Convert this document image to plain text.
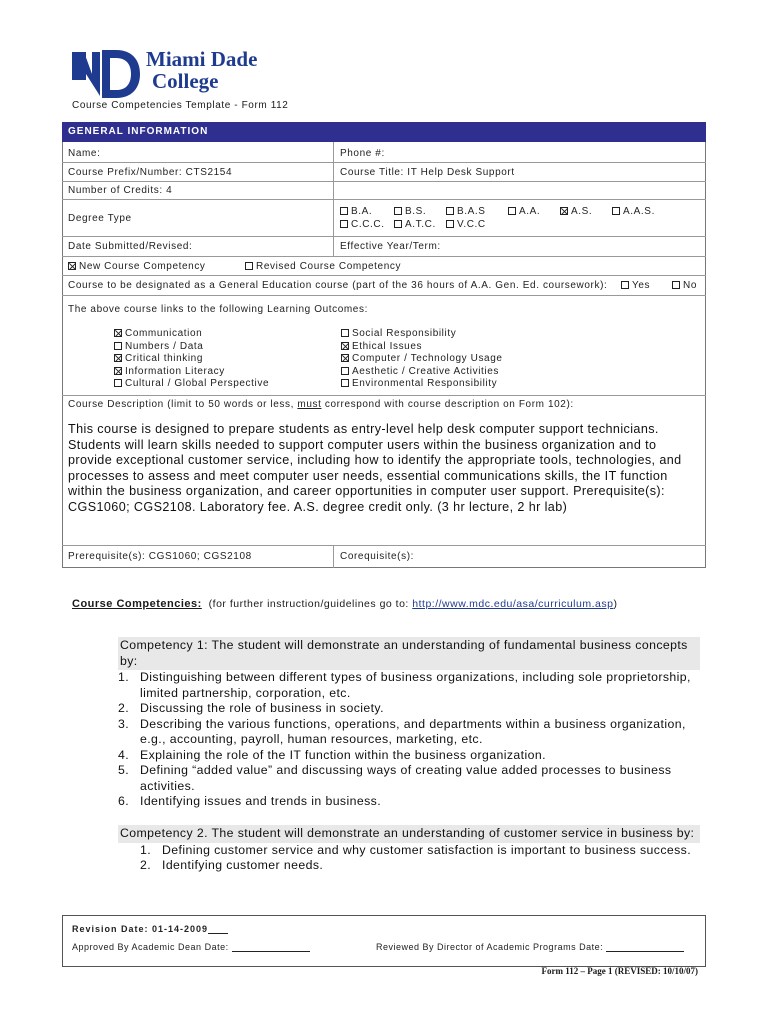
Miami Dade
College
Course Competencies Template - Form 112
GENERAL INFORMATION
Name:	Phone #:
Course Prefix/Number: CTS2154	Course Title: IT Help Desk Support
Number of Credits: 4
Degree Type
B.A.	B.S.	B.A.S	A.A.	A.S.	A.A.S.
C.C.C.	A.T.C.	V.C.C
Date Submitted/Revised:	Effective Year/Term:
New Course Competency	Revised Course Competency
Course to be designated as a General Education course (part of the 36 hours of A.A. Gen. Ed. coursework):	Yes	No
The above course links to the following Learning Outcomes:
Communication
Numbers / Data
Critical thinking
Information Literacy
Cultural / Global Perspective
Social Responsibility
Ethical Issues
Computer / Technology Usage
Aesthetic / Creative Activities
Environmental Responsibility
Course Description (limit to 50 words or less, must correspond with course description on Form 102):
This course is designed to prepare students as entry-level help desk computer support technicians. Students will learn skills needed to support computer users within the business organization and to provide exceptional customer service, including how to identify the appropriate tools, technologies, and processes to assess and meet computer user needs, essential communications skills, the IT function within the business organization, and career opportunities in computer user support. Prerequisite(s): CGS1060; CGS2108. Laboratory fee. A.S. degree credit only. (3 hr lecture, 2 hr lab)
Prerequisite(s): CGS1060; CGS2108	Corequisite(s):
Course Competencies: (for further instruction/guidelines go to: http://www.mdc.edu/asa/curriculum.asp)
Competency 1: The student will demonstrate an understanding of fundamental business concepts by:
1. Distinguishing between different types of business organizations, including sole proprietorship, limited partnership, corporation, etc.
2. Discussing the role of business in society.
3. Describing the various functions, operations, and departments within a business organization, e.g., accounting, payroll, human resources, marketing, etc.
4. Explaining the role of the IT function within the business organization.
5. Defining “added value” and discussing ways of creating value added processes to business activities.
6. Identifying issues and trends in business.
Competency 2. The student will demonstrate an understanding of customer service in business by:
1. Defining customer service and why customer satisfaction is important to business success.
2. Identifying customer needs.
Revision Date: 01-14-2009
Approved By Academic Dean Date:	Reviewed By Director of Academic Programs Date:
Form 112 – Page 1 (REVISED: 10/10/07)
